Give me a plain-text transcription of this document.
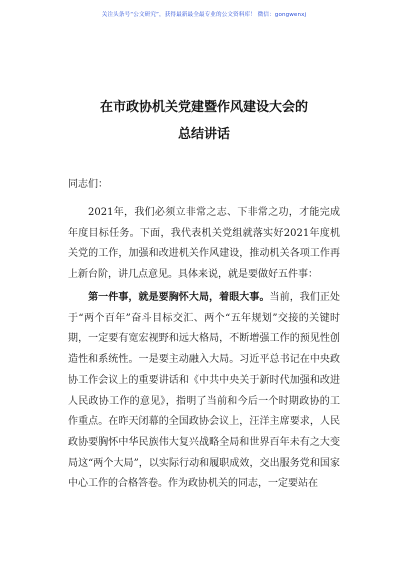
关注头条号“公文研究”，获得最新最全最专业的公文资料库！ 微信：gongwenxj
在市政协机关党建暨作风建设大会的
总结讲话
同志们：
2021年，我们必须立非常之志、下非常之功，才能完成年度目标任务。下面，我代表机关党组就落实好2021年度机关党的工作，加强和改进机关作风建设，推动机关各项工作再上新台阶，讲几点意见。具体来说，就是要做好五件事：
第一件事，就是要胸怀大局，着眼大事。当前，我们正处于“两个百年”奋斗目标交汇、两个“五年规划”交接的关键时期，一定要有宽宏视野和远大格局，不断增强工作的预见性创造性和系统性。一是要主动融入大局。习近平总书记在中央政协工作会议上的重要讲话和《中共中央关于新时代加强和改进人民政协工作的意见》，指明了当前和今后一个时期政协的工作重点。在昨天闭幕的全国政协会议上，汪洋主席要求，人民政协要胸怀中华民族伟大复兴战略全局和世界百年未有之大变局这“两个大局”，以实际行动和履职成效，交出服务党和国家中心工作的合格答卷。作为政协机关的同志，一定要站在
